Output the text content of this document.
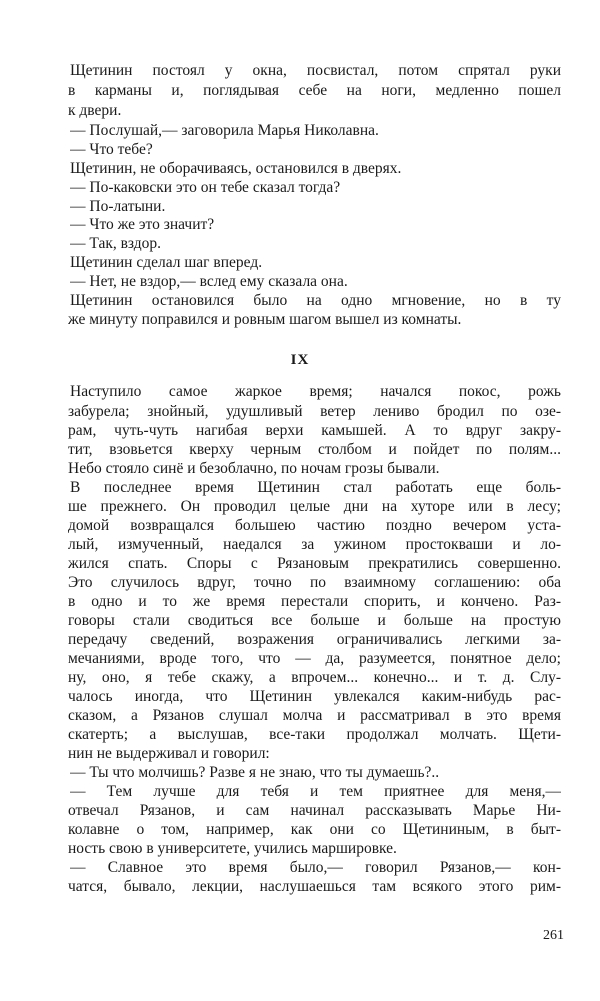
Щетинин постоял у окна, посвистал, потом спрятал руки
в карманы и, поглядывая себе на ноги, медленно пошел
к двери.
— Послушай,— заговорила Марья Николавна.
— Что тебе?
Щетинин, не оборачиваясь, остановился в дверях.
— По-каковски это он тебе сказал тогда?
— По-латыни.
— Что же это значит?
— Так, вздор.
Щетинин сделал шаг вперед.
— Нет, не вздор,— вслед ему сказала она.
Щетинин остановился было на одно мгновение, но в ту
же минуту поправился и ровным шагом вышел из комнаты.
IX
Наступило самое жаркое время; начался покос, рожь
забурела; знойный, удушливый ветер лениво бродил по озе-
рам, чуть-чуть нагибая верхи камышей. А то вдруг закру-
тит, взовьется кверху черным столбом и пойдет по полям...
Небо стояло синё и безоблачно, по ночам грозы бывали.
В последнее время Щетинин стал работать еще боль-
ше прежнего. Он проводил целые дни на хуторе или в лесу;
домой возвращался большею частию поздно вечером уста-
лый, измученный, наедался за ужином простокваши и ло-
жился спать. Споры с Рязановым прекратились совершенно.
Это случилось вдруг, точно по взаимному соглашению: оба
в одно и то же время перестали спорить, и кончено. Раз-
говоры стали сводиться все больше и больше на простую
передачу сведений, возражения ограничивались легкими за-
мечаниями, вроде того, что — да, разумеется, понятное дело;
ну, оно, я тебе скажу, а впрочем... конечно... и т. д. Слу-
чалось иногда, что Щетинин увлекался каким-нибудь рас-
сказом, а Рязанов слушал молча и рассматривал в это время
скатерть; а выслушав, все-таки продолжал молчать. Щети-
нин не выдерживал и говорил:
— Ты что молчишь? Разве я не знаю, что ты думаешь?..
— Тем лучше для тебя и тем приятнее для меня,—
отвечал Рязанов, и сам начинал рассказывать Марье Ни-
колавне о том, например, как они со Щетининым, в быт-
ность свою в университете, учились маршировке.
— Славное это время было,— говорил Рязанов,— кон-
чатся, бывало, лекции, наслушаешься там всякого этого рим-
261
